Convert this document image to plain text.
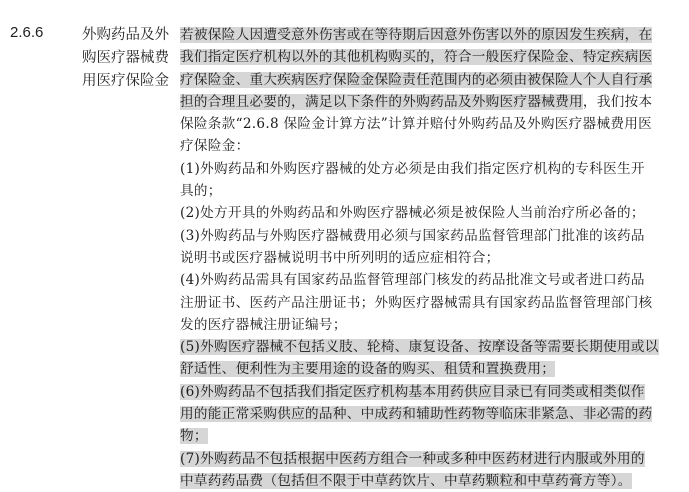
2.6.6	外购药品及外
购医疗器械费
用医疗保险金
若被保险人因遭受意外伤害或在等待期后因意外伤害以外的原因发生疾病，在
我们指定医疗机构以外的其他机构购买的，符合一般医疗保险金、特定疾病医
疗保险金、重大疾病医疗保险金保险责任范围内的必须由被保险人个人自行承
担的合理且必要的，满足以下条件的外购药品及外购医疗器械费用，我们按本
保险条款“2.6.8 保险金计算方法”计算并赔付外购药品及外购医疗器械费用医
疗保险金：
(1)外购药品和外购医疗器械的处方必须是由我们指定医疗机构的专科医生开
具的；
(2)处方开具的外购药品和外购医疗器械必须是被保险人当前治疗所必备的；
(3)外购药品与外购医疗器械费用必须与国家药品监督管理部门批准的该药品
说明书或医疗器械说明书中所列明的适应症相符合；
(4)外购药品需具有国家药品监督管理部门核发的药品批准文号或者进口药品
注册证书、医药产品注册证书；外购医疗器械需具有国家药品监督管理部门核
发的医疗器械注册证编号；
(5)外购医疗器械不包括义肢、轮椅、康复设备、按摩设备等需要长期使用或以
舒适性、便利性为主要用途的设备的购买、租赁和置换费用；
(6)外购药品不包括我们指定医疗机构基本用药供应目录已有同类或相类似作
用的能正常采购供应的品种、中成药和辅助性药物等临床非紧急、非必需的药
物；
(7)外购药品不包括根据中医药方组合一种或多种中医药材进行内服或外用的
中草药药品费（包括但不限于中草药饮片、中草药颗粒和中草药膏方等）。
